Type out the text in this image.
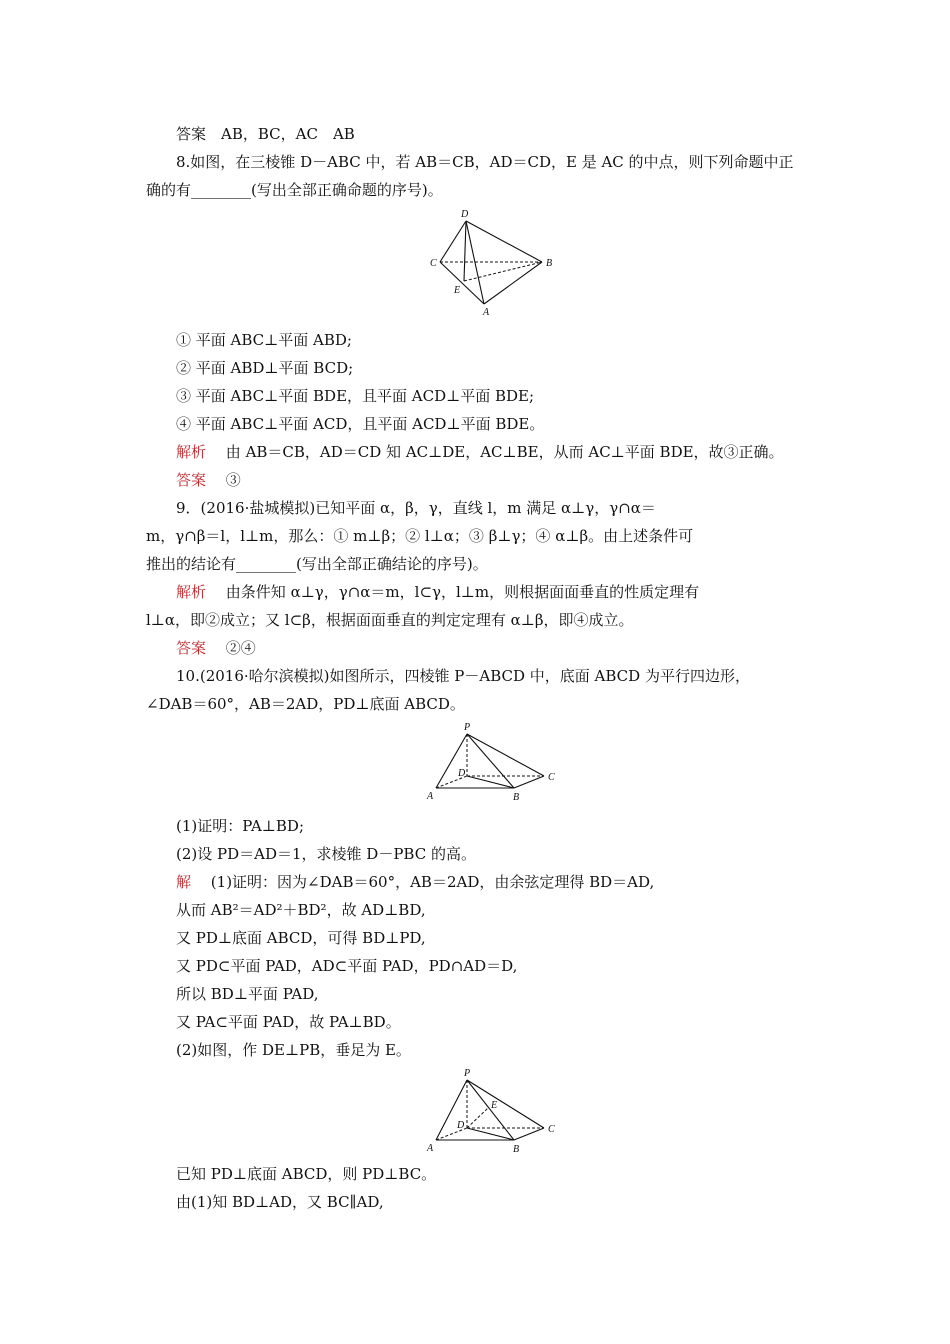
答案　AB，BC，AC　AB
8.如图，在三棱锥 D－ABC 中，若 AB＝CB，AD＝CD，E 是 AC 的中点，则下列命题中正
确的有________(写出全部正确命题的序号)。
D
C	B
E
A
① 平面 ABC⊥平面 ABD;
② 平面 ABD⊥平面 BCD;
③ 平面 ABC⊥平面 BDE，且平面 ACD⊥平面 BDE;
④ 平面 ABC⊥平面 ACD，且平面 ACD⊥平面 BDE。
解析　 由 AB＝CB，AD＝CD 知 AC⊥DE，AC⊥BE，从而 AC⊥平面 BDE，故③正确。
答案　 ③
9．(2016·盐城模拟)已知平面 α，β，γ，直线 l，m 满足 α⊥γ，γ∩α＝
m，γ∩β＝l，l⊥m，那么：① m⊥β；② l⊥α；③ β⊥γ；④ α⊥β。由上述条件可
推出的结论有________(写出全部正确结论的序号)。
解析　 由条件知 α⊥γ，γ∩α＝m，l⊂γ，l⊥m，则根据面面垂直的性质定理有
l⊥α，即②成立；又 l⊂β，根据面面垂直的判定定理有 α⊥β，即④成立。
答案　 ②④
10.(2016·哈尔滨模拟)如图所示，四棱锥 P－ABCD 中，底面 ABCD 为平行四边形，
∠DAB＝60°，AB＝2AD，PD⊥底面 ABCD。
P
D	C
A	B
(1)证明：PA⊥BD;
(2)设 PD＝AD＝1，求棱锥 D－PBC 的高。
解　 (1)证明：因为∠DAB＝60°，AB＝2AD，由余弦定理得 BD＝AD,
从而 AB²＝AD²＋BD²，故 AD⊥BD,
又 PD⊥底面 ABCD，可得 BD⊥PD,
又 PD⊂平面 PAD，AD⊂平面 PAD，PD∩AD＝D,
所以 BD⊥平面 PAD,
又 PA⊂平面 PAD，故 PA⊥BD。
(2)如图，作 DE⊥PB，垂足为 E。
P
E
D	C
A	B
已知 PD⊥底面 ABCD，则 PD⊥BC。
由(1)知 BD⊥AD，又 BC∥AD,
